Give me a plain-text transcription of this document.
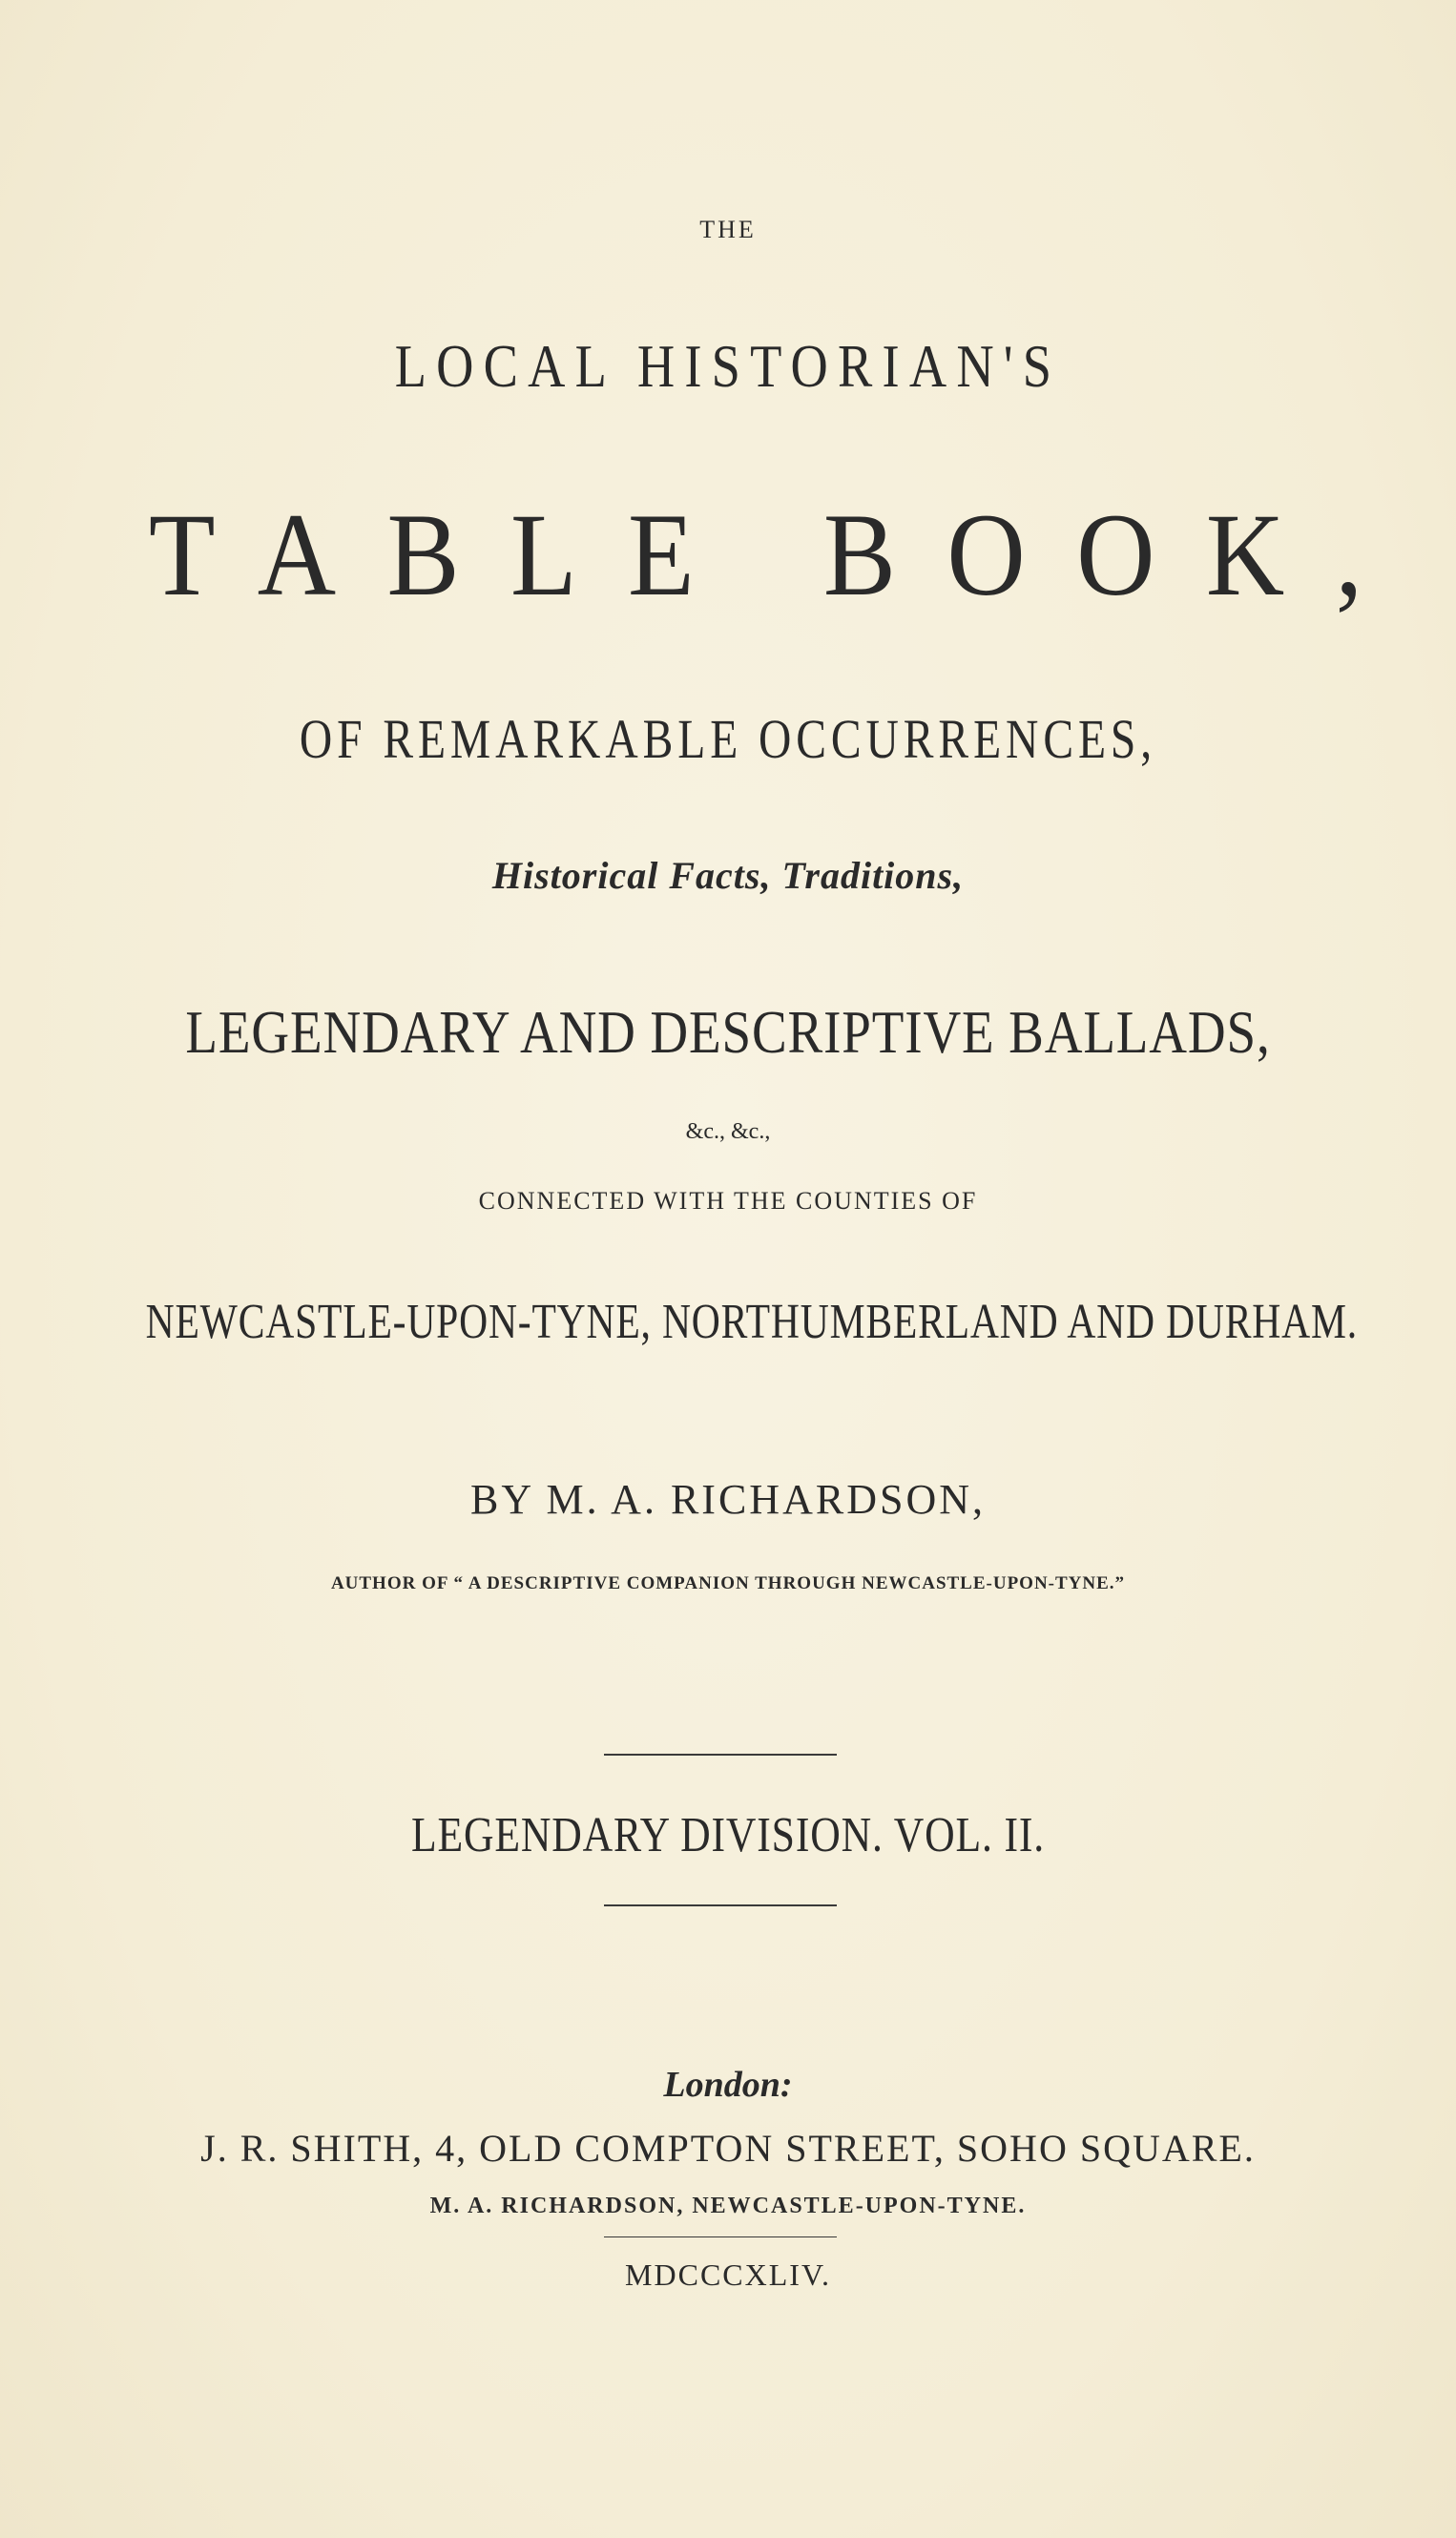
THE
LOCAL HISTORIAN'S
TABLE BOOK,
OF REMARKABLE OCCURRENCES,
Historical Facts, Traditions,
LEGENDARY AND DESCRIPTIVE BALLADS,
&c., &c.,
CONNECTED WITH THE COUNTIES OF
NEWCASTLE-UPON-TYNE, NORTHUMBERLAND AND DURHAM.
BY M. A. RICHARDSON,
AUTHOR OF “ A DESCRIPTIVE COMPANION THROUGH NEWCASTLE-UPON-TYNE.”
LEGENDARY DIVISION. VOL. II.
London:
J. R. SHITH, 4, OLD COMPTON STREET, SOHO SQUARE.
M. A. RICHARDSON, NEWCASTLE-UPON-TYNE.
MDCCCXLIV.
